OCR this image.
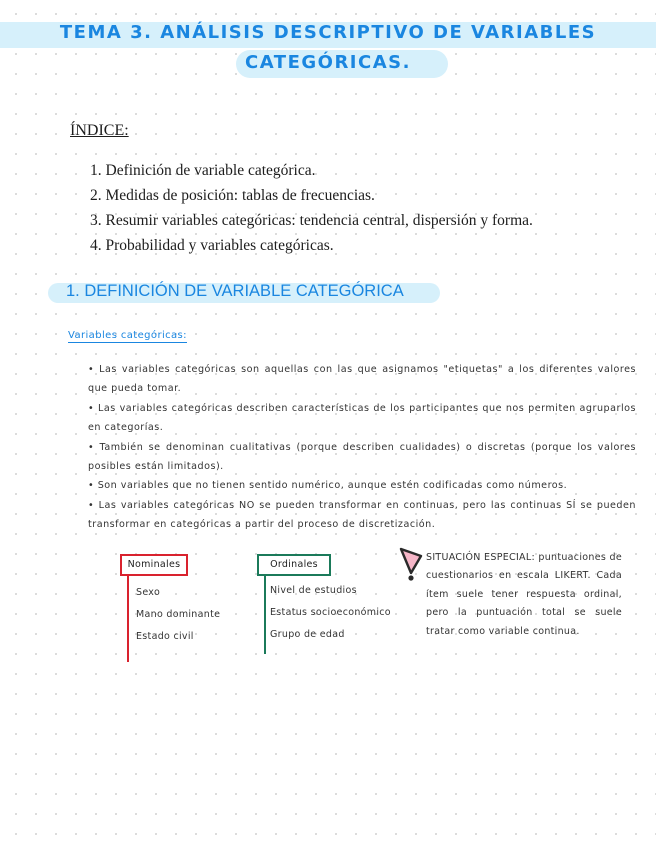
TEMA 3. ANÁLISIS DESCRIPTIVO DE VARIABLES
CATEGÓRICAS.
ÍNDICE:
1. Definición de variable categórica.
2. Medidas de posición: tablas de frecuencias.
3. Resumir variables categóricas: tendencia central, dispersión y forma.
4. Probabilidad y variables categóricas.
1. DEFINICIÓN DE VARIABLE CATEGÓRICA
Variables categóricas:

• Las variables categóricas son aquellas con las que asignamos "etiquetas" a los diferentes valores que pueda tomar.

• Las variables categóricas describen características de los participantes que nos permiten agruparlos en categorías.

• También se denominan cualitativas (porque describen cualidades) o discretas (porque los valores posibles están limitados).

• Son variables que no tienen sentido numérico, aunque estén codificadas como números.

• Las variables categóricas NO se pueden transformar en continuas, pero las continuas SÍ se pueden transformar en categóricas a partir del proceso de discretización.

Nominales
Sexo
Mano dominante
Estado civil
Ordinales
Nivel de estudios
Estatus socioeconómico
Grupo de edad

SITUACIÓN ESPECIAL: puntuaciones de cuestionarios en escala LIKERT. Cada ítem suele tener respuesta ordinal, pero la puntuación total se suele tratar como variable continua.
